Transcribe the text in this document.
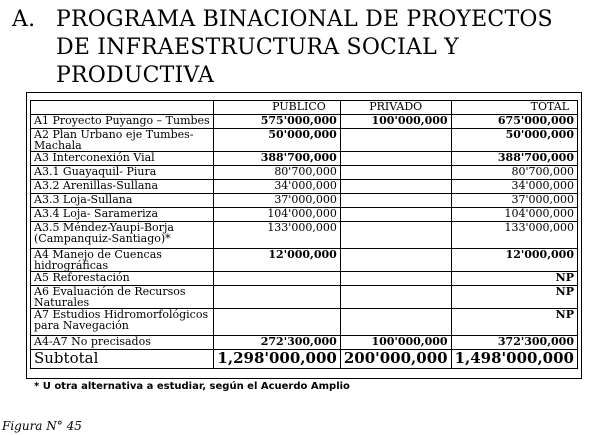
A. PROGRAMA BINACIONAL DE PROYECTOS
DE INFRAESTRUCTURA SOCIAL Y PRODUCTIVA
	PUBLICO	PRIVADO	TOTAL
A1 Proyecto Puyango – Tumbes	575'000,000	100'000,000	675'000,000
A2 Plan Urbano eje Tumbes-Machala	50'000,000		50'000,000
A3 Interconexión Vial	388'700,000		388'700,000
A3.1 Guayaquil- Piura	80'700,000		80'700,000
A3.2 Arenillas-Sullana	34'000,000		34'000,000
A3.3 Loja-Sullana	37'000,000		37'000,000
A3.4 Loja- Sarameriza	104'000,000		104'000,000
A3.5 Méndez-Yaupi-Borja (Campanquiz-Santiago)*	133'000,000		133'000,000
A4 Manejo de Cuencas hidrográficas	12'000,000		12'000,000
A5 Reforestación			NP
A6 Evaluación de Recursos Naturales			NP
A7 Estudios Hidromorfológicos para Navegación			NP
A4-A7 No precisados	272'300,000	100'000,000	372'300,000
Subtotal	1,298'000,000	200'000,000	1,498'000,000
* U otra alternativa a estudiar, según el Acuerdo Amplio
Figura N° 45
